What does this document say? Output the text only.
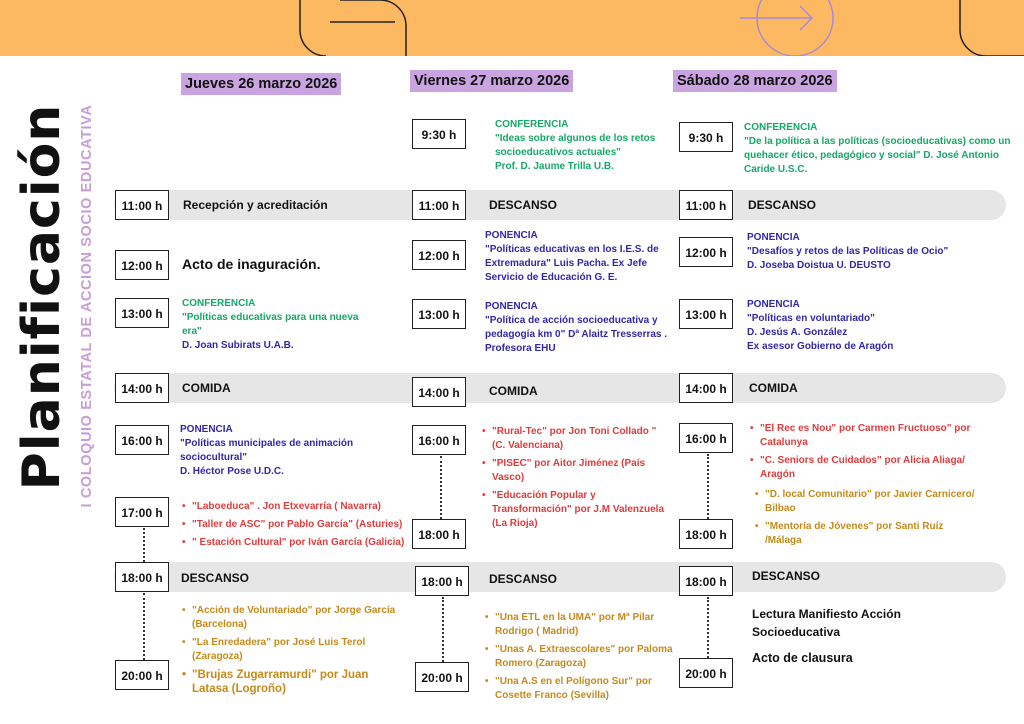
Planificación I COLOQUIO ESTATAL DE ACCION SOCIO EDUCATIVA
Jueves 26 marzo 2026	Viernes 27 marzo 2026	Sábado 28 marzo 2026
11:00 h	Recepción y acreditación
12:00 h	Acto de inaguración.
13:00 h
CONFERENCIA
"Políticas educativas para una nueva era"
D. Joan Subirats U.A.B.
14:00 h	COMIDA
16:00 h
PONENCIA
"Políticas municipales de animación sociocultural"
D. Héctor Pose U.D.C.
17:00 h
•	"Laboeduca" . Jon Etxevarría ( Navarra)
• "Taller de ASC" por Pablo García" (Asturies)
• " Estación Cultural" por Iván García (Galicia)
18:00 h	DESCANSO
• "Acción de Voluntariado" por Jorge García (Barcelona)
• "La Enredadera" por José Luis Terol (Zaragoza)
• "Brujas Zugarramurdi" por Juan Latasa (Logroño)
20:00 h
9:30 h
CONFERENCIA
"Ideas sobre algunos de los retos socioeducativos actuales"
Prof. D. Jaume Trilla U.B.
11:00 h	DESCANSO
12:00 h
PONENCIA
"Políticas educativas en los I.E.S. de Extremadura" Luis Pacha. Ex Jefe Servicio de Educación G. E.
13:00 h
PONENCIA
"Política de acción socioeducativa y pedagogía km 0" Dª Alaitz Tresserras . Profesora EHU
14:00 h	COMIDA
16:00 h
• "Rural-Tec" por Jon Toni Collado " (C. Valenciana)
• "PISEC" por Aitor Jiménez (País Vasco)
• "Educación Popular y Transformación" por J.M Valenzuela (La Rioja)
18:00 h
18:00 h	DESCANSO
• "Una ETL en la UMA" por Mª Pilar Rodrigo ( Madrid)
• "Unas A. Extraescolares" por Paloma Romero (Zaragoza)
• "Una A.S en el Polígono Sur" por Cosette Franco (Sevilla)
20:00 h
9:30 h
CONFERENCIA
"De la política a las políticas (socioeducativas) como un quehacer ético, pedagógico y social" D. José Antonio Caride U.S.C.
11:00 h	DESCANSO
12:00 h
PONENCIA
"Desafíos y retos de las Políticas de Ocio"
D. Joseba Doistua U. DEUSTO
13:00 h
PONENCIA
"Políticas en voluntariado"
D. Jesús A. González
Ex asesor Gobierno de Aragón
14:00 h	COMIDA
16:00 h
• "El Rec es Nou" por Carmen Fructuoso" por Catalunya
• "C. Seniors de Cuidados" por Alicia Aliaga/ Aragón
• "D. local Comunitario" por Javier Carnicero/ Bilbao
• "Mentoría de Jóvenes" por Santi Ruíz /Málaga
18:00 h
18:00 h	DESCANSO
Lectura Manifiesto Acción Socioeducativa
Acto de clausura
20:00 h
